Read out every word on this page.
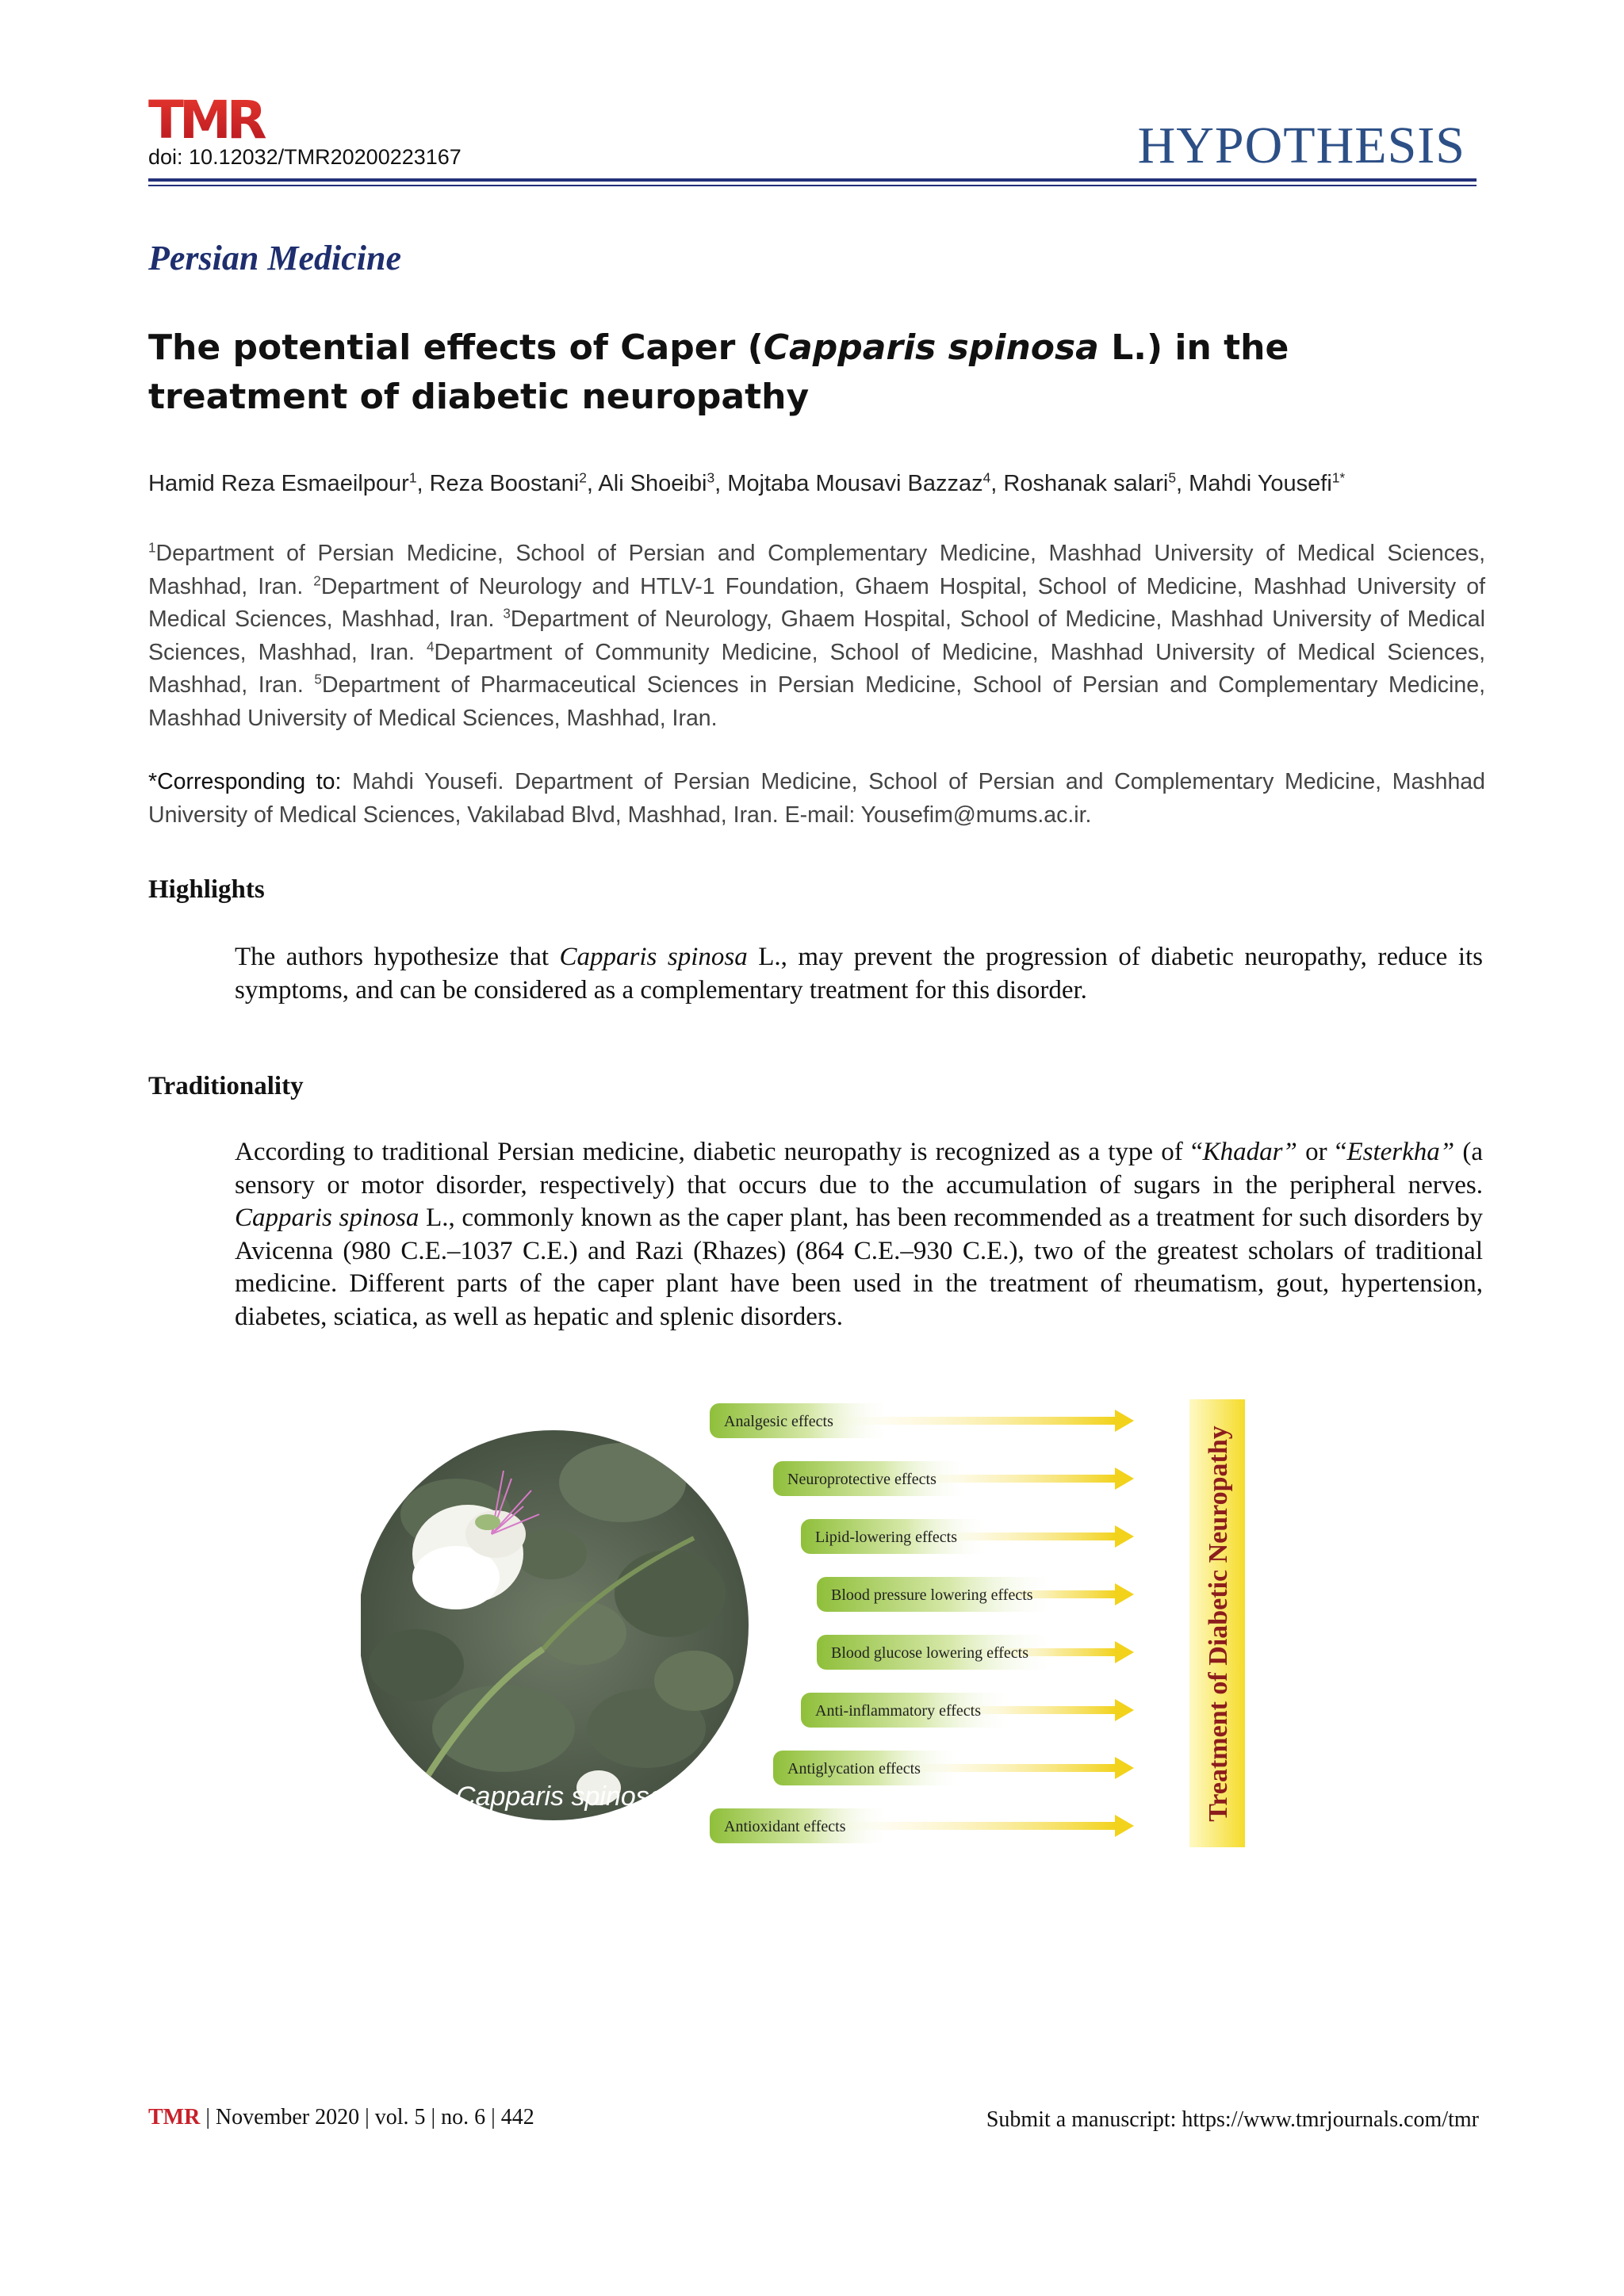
TMR
doi: 10.12032/TMR20200223167	HYPOTHESIS
Persian Medicine
The potential effects of Caper (Capparis spinosa L.) in the treatment of diabetic neuropathy
Hamid Reza Esmaeilpour$^1$, Reza Boostani$^2$, Ali Shoeibi$^3$, Mojtaba Mousavi Bazzaz$^4$, Roshanak salari$^5$, Mahdi Yousefi$^{1*}$
$^1$Department of Persian Medicine, School of Persian and Complementary Medicine, Mashhad University of Medical Sciences, Mashhad, Iran. $^2$Department of Neurology and HTLV-1 Foundation, Ghaem Hospital, School of Medicine, Mashhad University of Medical Sciences, Mashhad, Iran. $^3$Department of Neurology, Ghaem Hospital, School of Medicine, Mashhad University of Medical Sciences, Mashhad, Iran. $^4$Department of Community Medicine, School of Medicine, Mashhad University of Medical Sciences, Mashhad, Iran. $^5$Department of Pharmaceutical Sciences in Persian Medicine, School of Persian and Complementary Medicine, Mashhad University of Medical Sciences, Mashhad, Iran.
*Corresponding to: Mahdi Yousefi. Department of Persian Medicine, School of Persian and Complementary Medicine, Mashhad University of Medical Sciences, Vakilabad Blvd, Mashhad, Iran. E-mail: Yousefim@mums.ac.ir.
Highlights
The authors hypothesize that Capparis spinosa L., may prevent the progression of diabetic neuropathy, reduce its symptoms, and can be considered as a complementary treatment for this disorder.
Traditionality
According to traditional Persian medicine, diabetic neuropathy is recognized as a type of “Khadar” or “Esterkha” (a sensory or motor disorder, respectively) that occurs due to the accumulation of sugars in the peripheral nerves. Capparis spinosa L., commonly known as the caper plant, has been recommended as a treatment for such disorders by Avicenna (980 C.E.–1037 C.E.) and Razi (Rhazes) (864 C.E.–930 C.E.), two of the greatest scholars of traditional medicine. Different parts of the caper plant have been used in the treatment of rheumatism, gout, hypertension, diabetes, sciatica, as well as hepatic and splenic disorders.
Capparis spinosa
Analgesic effects
Neuroprotective effects
Lipid-lowering effects
Blood pressure lowering effects
Blood glucose lowering effects
Anti-inflammatory effects
Antiglycation effects
Antioxidant effects
Treatment of Diabetic Neuropathy
TMR | November 2020 | vol. 5 | no. 6 | 442	Submit a manuscript: https://www.tmrjournals.com/tmr
